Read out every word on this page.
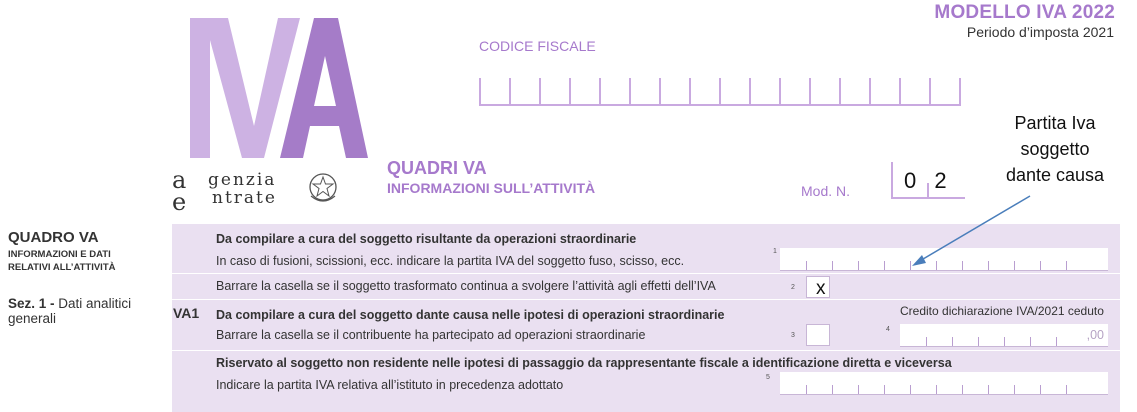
MODELLO IVA 2022
Periodo d’imposta 2021
CODICE FISCALE
a
e
genzia
ntrate
QUADRI VA
INFORMAZIONI SULL’ATTIVITÀ	Mod. N. 0 2
Partita Iva
soggetto
dante causa
QUADRO VA
INFORMAZIONI E DATI
RELATIVI ALL’ATTIVITÀ
Sez. 1 - Dati analitici
generali
Da compilare a cura del soggetto risultante da operazioni straordinarie
In caso di fusioni, scissioni, ecc. indicare la partita IVA del soggetto fuso, scisso, ecc.
1
Barrare la casella se il soggetto trasformato continua a svolgere l’attività agli effetti dell’IVA	2 x
Da compilare a cura del soggetto dante causa nelle ipotesi di operazioni straordinarie	Credito dichiarazione IVA/2021 ceduto
Barrare la casella se il contribuente ha partecipato ad operazioni straordinarie	3
4	,00
Riservato al soggetto non residente nelle ipotesi di passaggio da rappresentante fiscale a identificazione diretta e viceversa
Indicare la partita IVA relativa all’istituto in precedenza adottato
5
VA1
